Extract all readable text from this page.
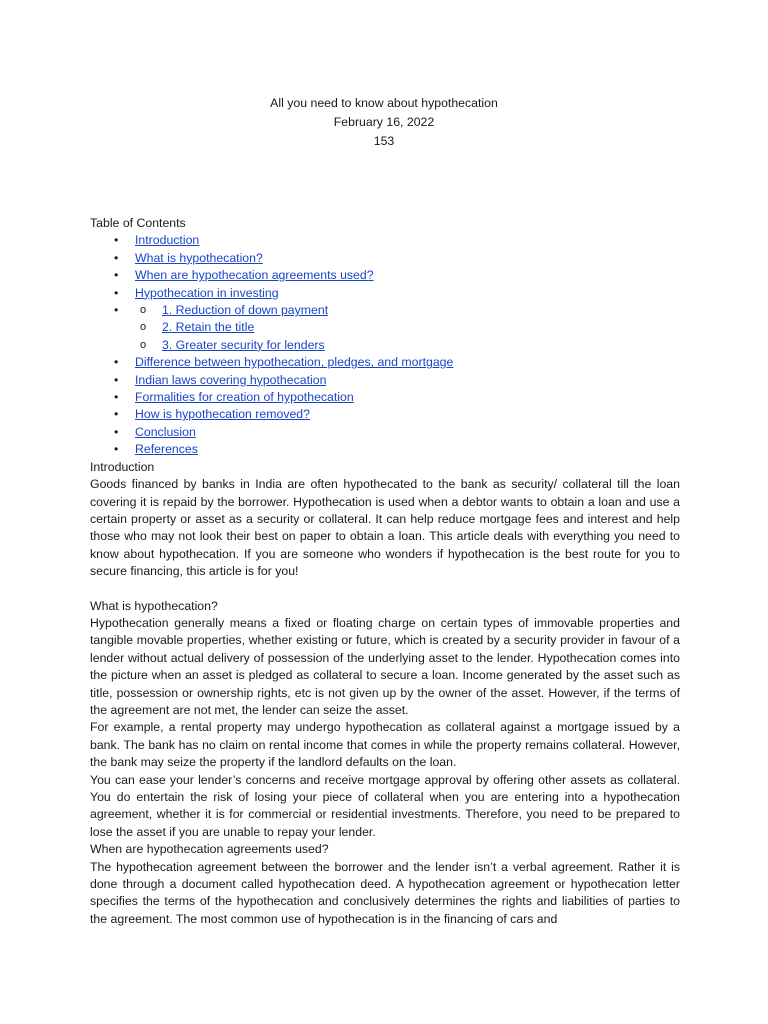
All you need to know about hypothecation
February 16, 2022
153
Table of Contents
• Introduction
• What is hypothecation?
• When are hypothecation agreements used?
• Hypothecation in investing
o • 1. Reduction of down payment
o 2. Retain the title
o 3. Greater security for lenders
• Difference between hypothecation, pledges, and mortgage
• Indian laws covering hypothecation
• Formalities for creation of hypothecation
• How is hypothecation removed?
• Conclusion
• References
Introduction

Goods financed by banks in India are often hypothecated to the bank as security/ collateral till the loan covering it is repaid by the borrower. Hypothecation is used when a debtor wants to obtain a loan and use a certain property or asset as a security or collateral. It can help reduce mortgage fees and interest and help those who may not look their best on paper to obtain a loan. This article deals with everything you need to know about hypothecation. If you are someone who wonders if hypothecation is the best route for you to secure financing, this article is for you!

What is hypothecation?

Hypothecation generally means a fixed or floating charge on certain types of immovable properties and tangible movable properties, whether existing or future, which is created by a security provider in favour of a lender without actual delivery of possession of the underlying asset to the lender. Hypothecation comes into the picture when an asset is pledged as collateral to secure a loan. Income generated by the asset such as title, possession or ownership rights, etc is not given up by the owner of the asset. However, if the terms of the agreement are not met, the lender can seize the asset.

For example, a rental property may undergo hypothecation as collateral against a mortgage issued by a bank. The bank has no claim on rental income that comes in while the property remains collateral. However, the bank may seize the property if the landlord defaults on the loan.

You can ease your lender’s concerns and receive mortgage approval by offering other assets as collateral. You do entertain the risk of losing your piece of collateral when you are entering into a hypothecation agreement, whether it is for commercial or residential investments. Therefore, you need to be prepared to lose the asset if you are unable to repay your lender.

When are hypothecation agreements used?

The hypothecation agreement between the borrower and the lender isn’t a verbal agreement. Rather it is done through a document called hypothecation deed. A hypothecation agreement or hypothecation letter specifies the terms of the hypothecation and conclusively determines the rights and liabilities of parties to the agreement. The most common use of hypothecation is in the financing of cars and
